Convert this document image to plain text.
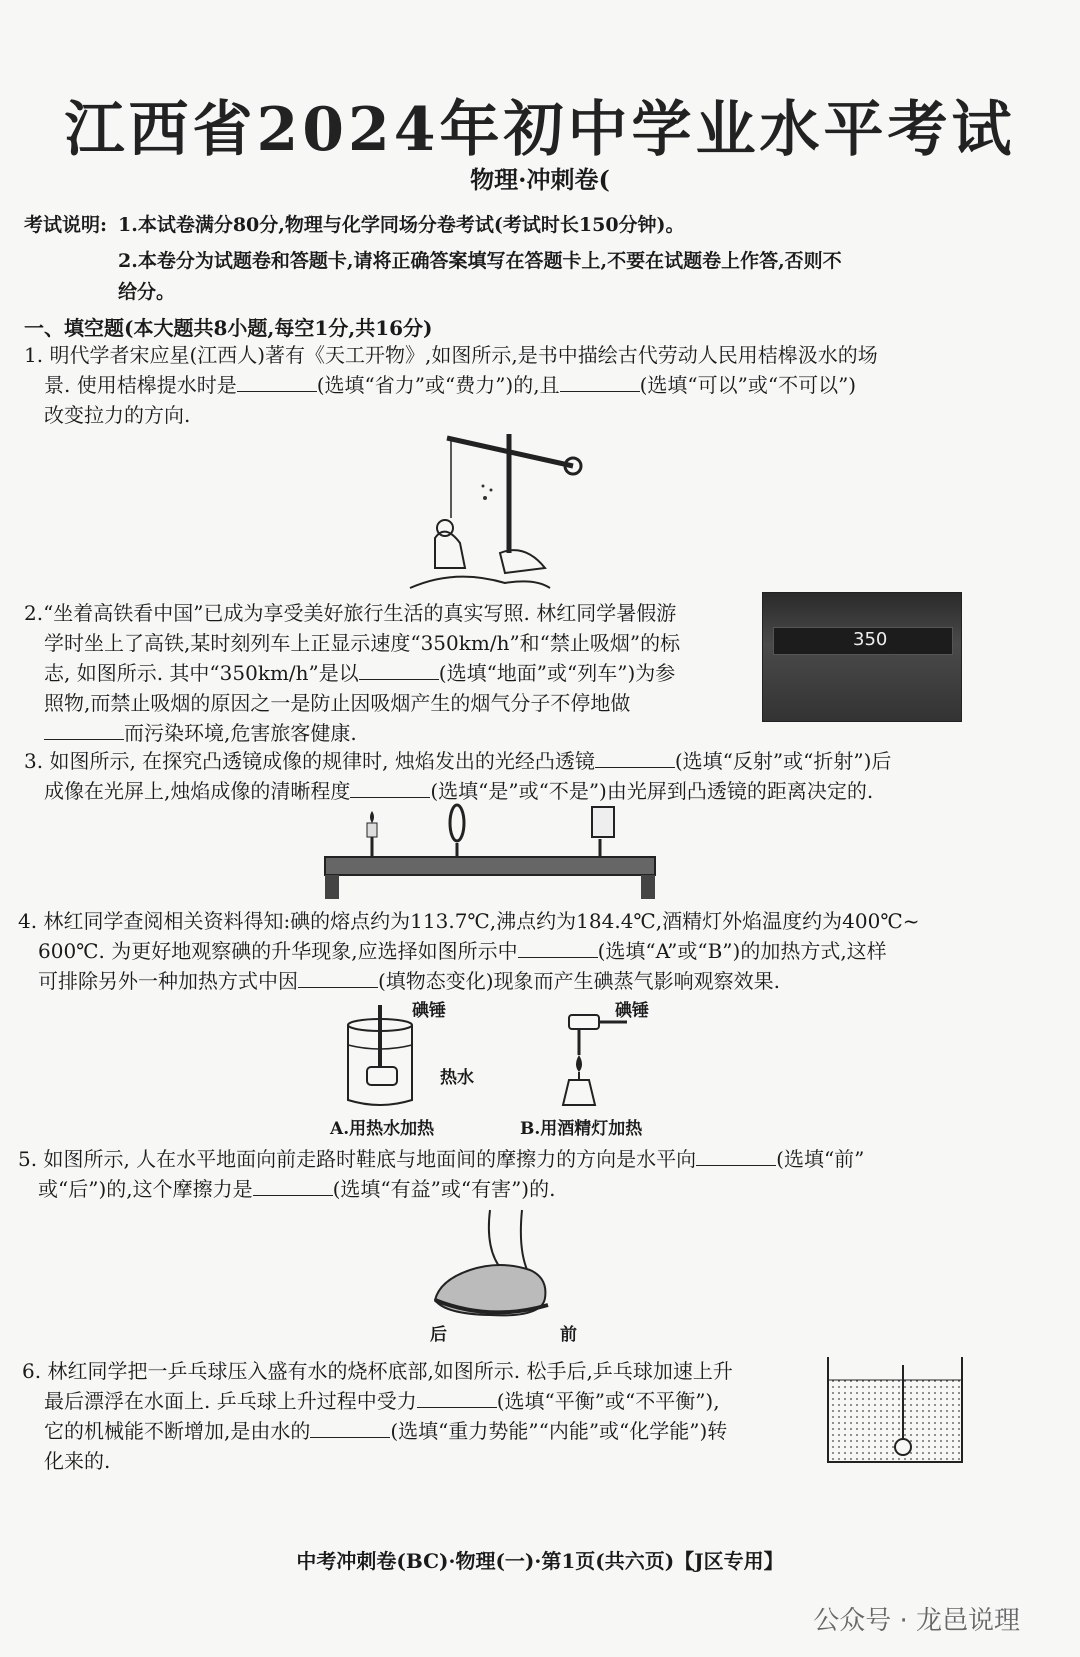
江西省2024年初中学业水平考试
物理·冲刺卷(
考试说明: 1.本试卷满分80分,物理与化学同场分卷考试(考试时长150分钟)。
2.本卷分为试题卷和答题卡,请将正确答案填写在答题卡上,不要在试题卷上作答,否则不
给分。
一、填空题(本大题共8小题,每空1分,共16分)
1. 明代学者宋应星(江西人)著有《天工开物》,如图所示,是书中描绘古代劳动人民用桔槔汲水的场
景. 使用桔槔提水时是	(选填“省力”或“费力”)的,且	(选填“可以”或“不可以”)
改变拉力的方向.
2.“坐着高铁看中国”已成为享受美好旅行生活的真实写照. 林红同学暑假游
学时坐上了高铁,某时刻列车上正显示速度“350km/h”和“禁止吸烟”的标
志, 如图所示. 其中“350km/h”是以	(选填“地面”或“列车”)为参
照物,而禁止吸烟的原因之一是防止因吸烟产生的烟气分子不停地做
而污染环境,危害旅客健康.
350
3. 如图所示, 在探究凸透镜成像的规律时, 烛焰发出的光经凸透镜	(选填“反射”或“折射”)后
成像在光屏上,烛焰成像的清晰程度	(选填“是”或“不是”)由光屏到凸透镜的距离决定的.
4. 林红同学查阅相关资料得知:碘的熔点约为113.7℃,沸点约为184.4℃,酒精灯外焰温度约为400℃~
600℃. 为更好地观察碘的升华现象,应选择如图所示中	(选填“A”或“B”)的加热方式,这样
可排除另外一种加热方式中因	(填物态变化)现象而产生碘蒸气影响观察效果.
碘锤
热水
A.用热水加热
碘锤
B.用酒精灯加热
5. 如图所示, 人在水平地面向前走路时鞋底与地面间的摩擦力的方向是水平向	(选填“前”
或“后”)的,这个摩擦力是	(选填“有益”或“有害”)的.
后	前
6. 林红同学把一乒乓球压入盛有水的烧杯底部,如图所示. 松手后,乒乓球加速上升
最后漂浮在水面上. 乒乓球上升过程中受力	(选填“平衡”或“不平衡”),
它的机械能不断增加,是由水的	(选填“重力势能”“内能”或“化学能”)转
化来的.
中考冲刺卷(BC)·物理(一)·第1页(共六页)【J区专用】
公众号 · 龙邑说理
